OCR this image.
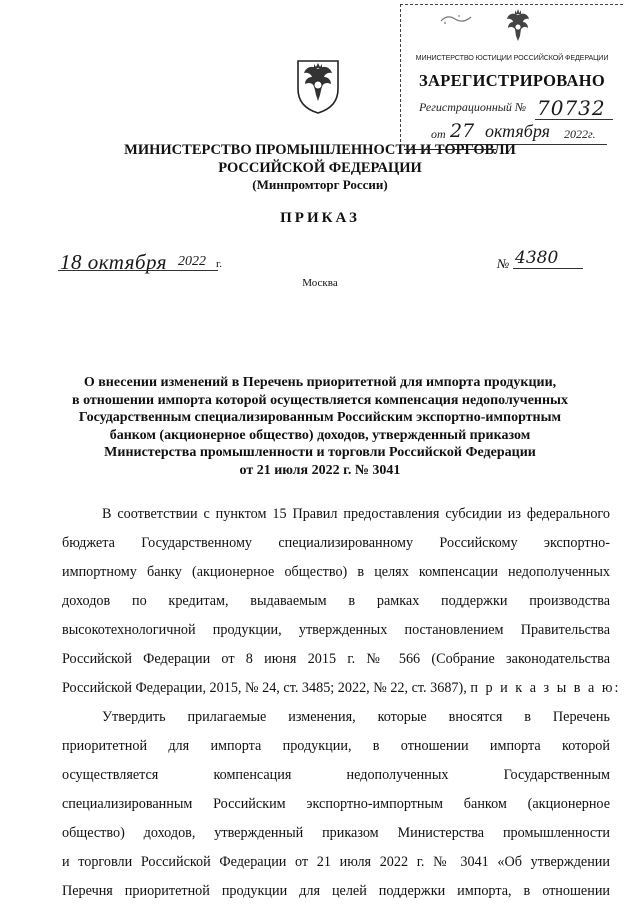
МИНИСТЕРСТВО ЮСТИЦИИ РОССИЙСКОЙ ФЕДЕРАЦИИ
ЗАРЕГИСТРИРОВАНО
Регистрационный № 70732
от 27 октября 2022г.
МИНИСТЕРСТВО ПРОМЫШЛЕННОСТИ И ТОРГОВЛИ
РОССИЙСКОЙ ФЕДЕРАЦИИ
(Минпромторг России)
ПРИКАЗ
18 октября 2022 г.	№ 4380
Москва
О внесении изменений в Перечень приоритетной для импорта продукции,
в отношении импорта которой осуществляется компенсация недополученных
Государственным специализированным Российским экспортно-импортным
банком (акционерное общество) доходов, утвержденный приказом
Министерства промышленности и торговли Российской Федерации
от 21 июля 2022 г. № 3041
В соответствии с пунктом 15 Правил предоставления субсидии из федерального
бюджета Государственному специализированному Российскому экспортно-
импортному банку (акционерное общество) в целях компенсации недополученных
доходов по кредитам, выдаваемым в рамках поддержки производства
высокотехнологичной продукции, утвержденных постановлением Правительства
Российской Федерации от 8 июня 2015 г. № 566 (Собрание законодательства
Российской Федерации, 2015, № 24, ст. 3485; 2022, № 22, ст. 3687), п р и к а з ы в а ю:
Утвердить прилагаемые изменения, которые вносятся в Перечень
приоритетной для импорта продукции, в отношении импорта которой
осуществляется компенсация недополученных Государственным
специализированным Российским экспортно-импортным банком (акционерное
общество) доходов, утвержденный приказом Министерства промышленности
и торговли Российской Федерации от 21 июля 2022 г. № 3041 «Об утверждении
Перечня приоритетной продукции для целей поддержки импорта, в отношении
